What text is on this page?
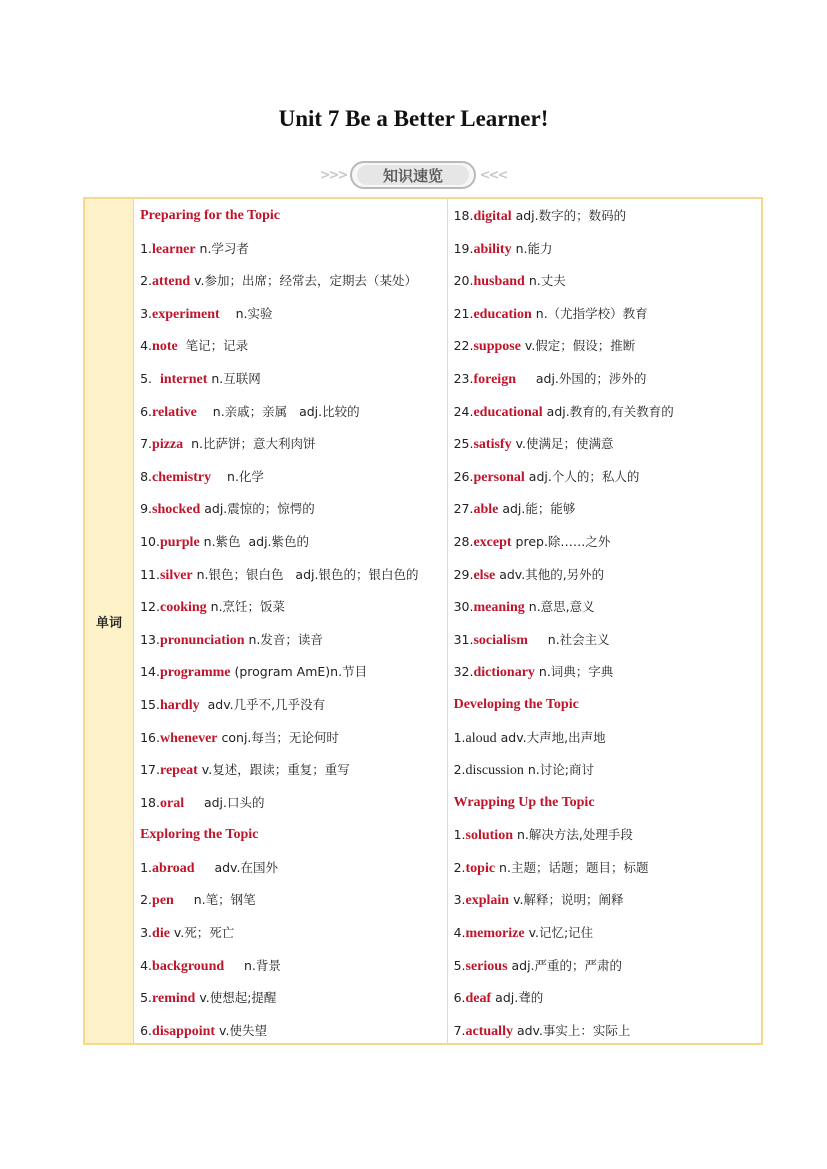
Unit 7 Be a Better Learner!
>>>	知识速览	<<<
单词
Preparing for the Topic
1.learner n.学习者
2.attend v.参加；出席；经常去，定期去（某处）
3.experiment    n.实验
4.note  笔记；记录
5.  internet n.互联网
6.relative    n.亲戚；亲属   adj.比较的
7.pizza  n.比萨饼；意大利肉饼
8.chemistry    n.化学
9.shocked adj.震惊的；惊愕的
10.purple n.紫色  adj.紫色的
11.silver n.银色；银白色   adj.银色的；银白色的
12.cooking n.烹饪；饭菜
13.pronunciation n.发音；读音
14.programme (program AmE)n.节目
15.hardly  adv.几乎不,几乎没有
16.whenever conj.每当；无论何时
17.repeat v.复述，跟读；重复；重写
18.oral     adj.口头的
Exploring the Topic
1.abroad     adv.在国外
2.pen     n.笔；钢笔
3.die v.死；死亡
4.background     n.背景
5.remind v.使想起;提醒
6.disappoint v.使失望
18.digital adj.数字的；数码的
19.ability n.能力
20.husband n.丈夫
21.education n.（尤指学校）教育
22.suppose v.假定；假设；推断
23.foreign     adj.外国的；涉外的
24.educational adj.教育的,有关教育的
25.satisfy v.使满足；使满意
26.personal adj.个人的；私人的
27.able adj.能；能够
28.except prep.除……之外
29.else adv.其他的,另外的
30.meaning n.意思,意义
31.socialism     n.社会主义
32.dictionary n.词典；字典
Developing the Topic
1.aloud adv.大声地,出声地
2.discussion n.讨论;商讨
Wrapping Up the Topic
1.solution n.解决方法,处理手段
2.topic n.主题；话题；题目；标题
3.explain v.解释；说明；阐释
4.memorize v.记忆;记住
5.serious adj.严重的；严肃的
6.deaf adj.聋的
7.actually adv.事实上：实际上
